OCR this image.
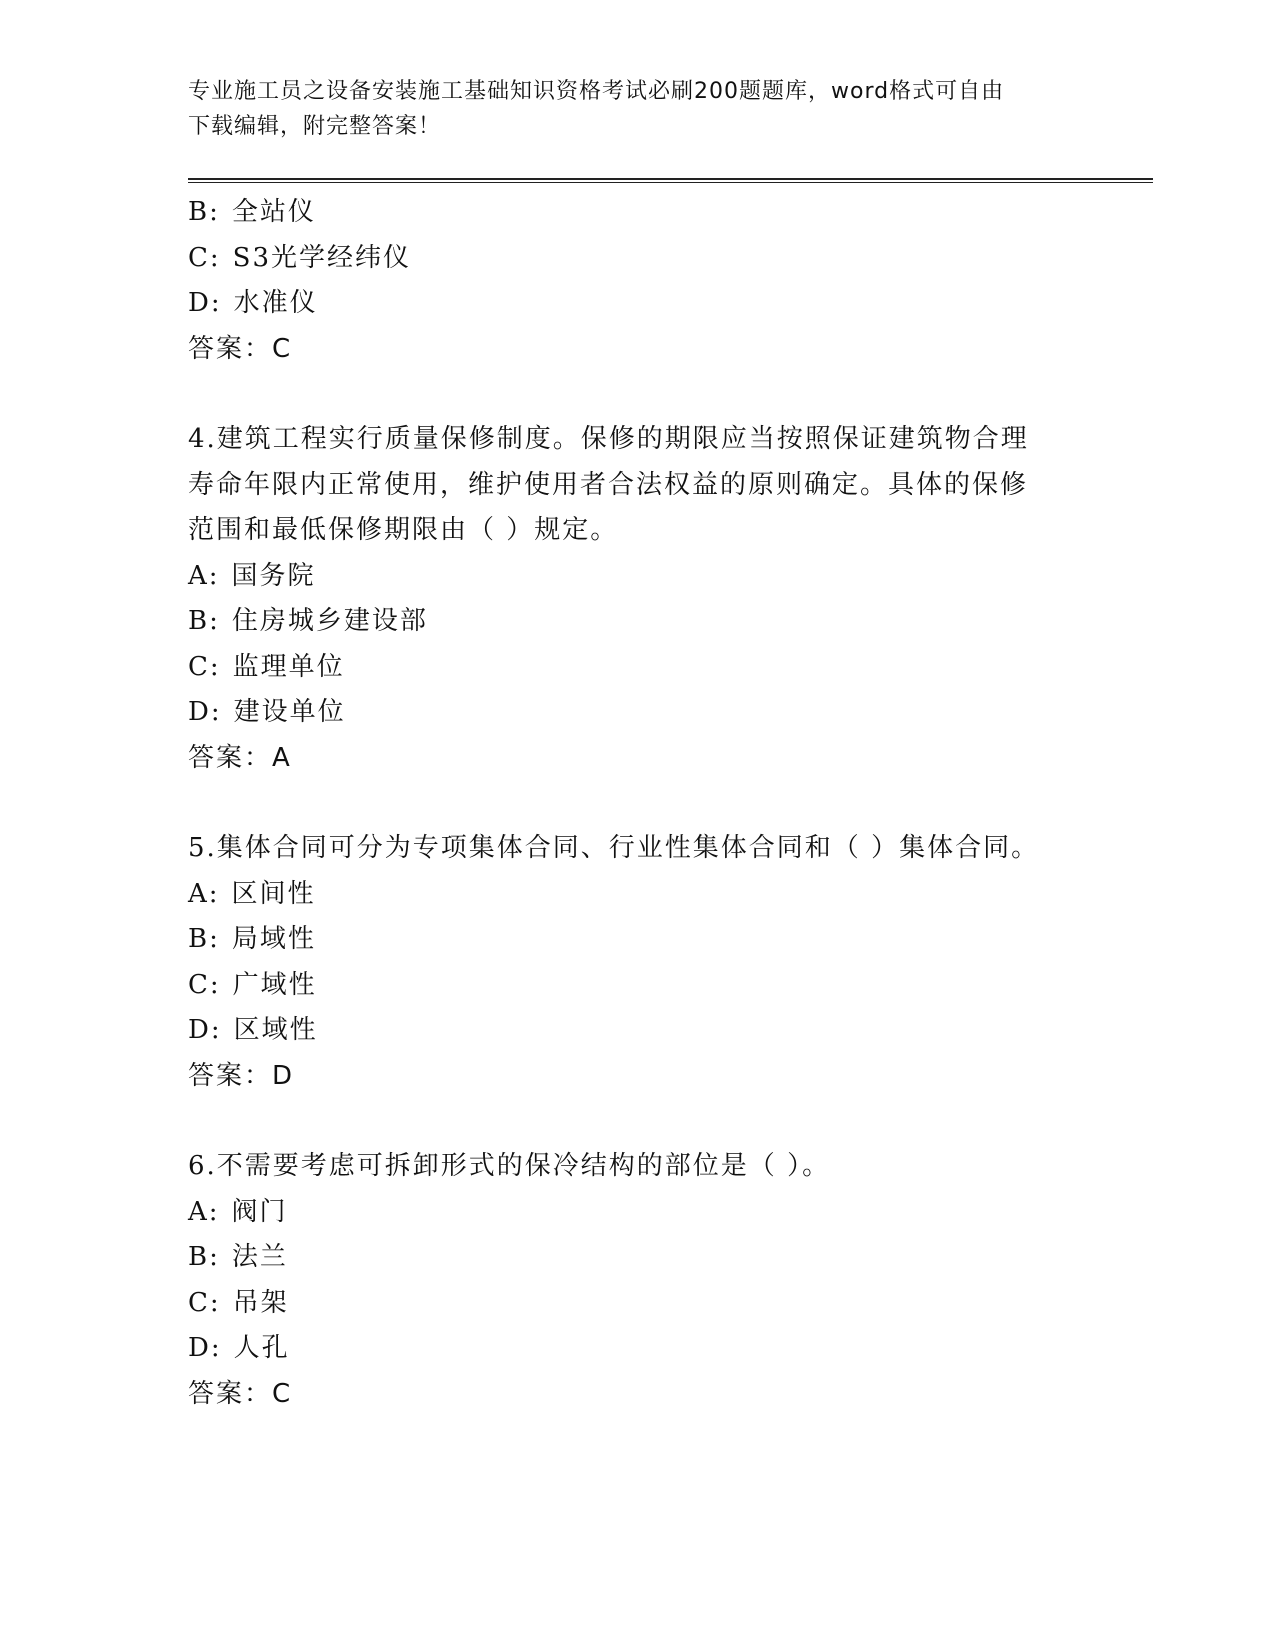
专业施工员之设备安装施工基础知识资格考试必刷200题题库，word格式可自由
下载编辑，附完整答案！
B: 全站仪
C: S3光学经纬仪
D: 水准仪
答案：C
4.建筑工程实行质量保修制度。保修的期限应当按照保证建筑物合理
寿命年限内正常使用，维护使用者合法权益的原则确定。具体的保修
范围和最低保修期限由（ ）规定。
A: 国务院
B: 住房城乡建设部
C: 监理单位
D: 建设单位
答案：A
5.集体合同可分为专项集体合同、行业性集体合同和（ ）集体合同。
A: 区间性
B: 局域性
C: 广域性
D: 区域性
答案：D
6.不需要考虑可拆卸形式的保冷结构的部位是（ ）。
A: 阀门
B: 法兰
C: 吊架
D: 人孔
答案：C
